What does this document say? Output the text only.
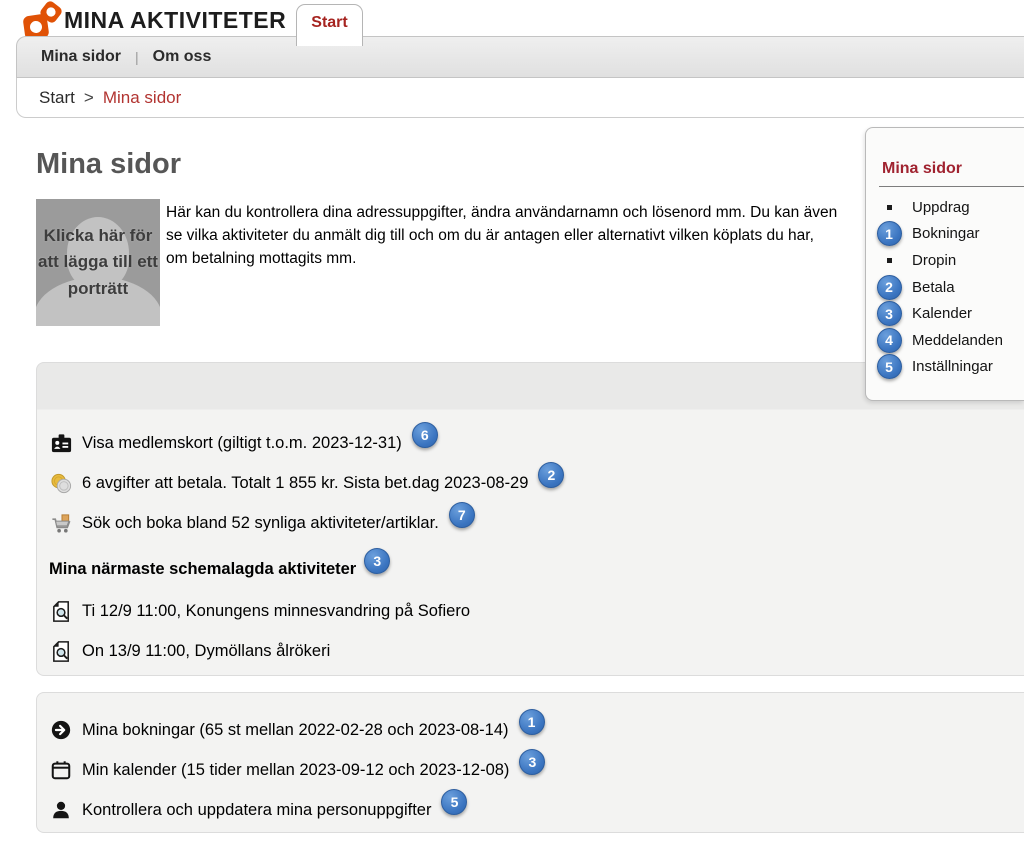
MINA AKTIVITETER	Start
Mina sidor | Om oss
Start > Mina sidor
Mina sidor
Klicka här för att lägga till ett porträtt

Här kan du kontrollera dina adressuppgifter, ändra användarnamn och lösenord mm. Du kan även se vilka aktiviteter du anmält dig till och om du är antagen eller alternativt vilken köplats du har, om betalning mottagits mm.

Mina sidor
Uppdrag
1	Bokningar
Dropin
2	Betala
3	Kalender
4	Meddelanden
5	Inställningar
Visa medlemskort (giltigt t.o.m. 2023-12-31)	6
6 avgifter att betala. Totalt 1 855 kr. Sista bet.dag 2023-08-29	2
Sök och boka bland 52 synliga aktiviteter/artiklar.	7
Mina närmaste schemalagda aktiviteter	3
Ti 12/9 11:00, Konungens minnesvandring på Sofiero
On 13/9 11:00, Dymöllans ålrökeri
Mina bokningar (65 st mellan 2022-02-28 och 2023-08-14)	1
Min kalender (15 tider mellan 2023-09-12 och 2023-12-08)	3
Kontrollera och uppdatera mina personuppgifter	5
